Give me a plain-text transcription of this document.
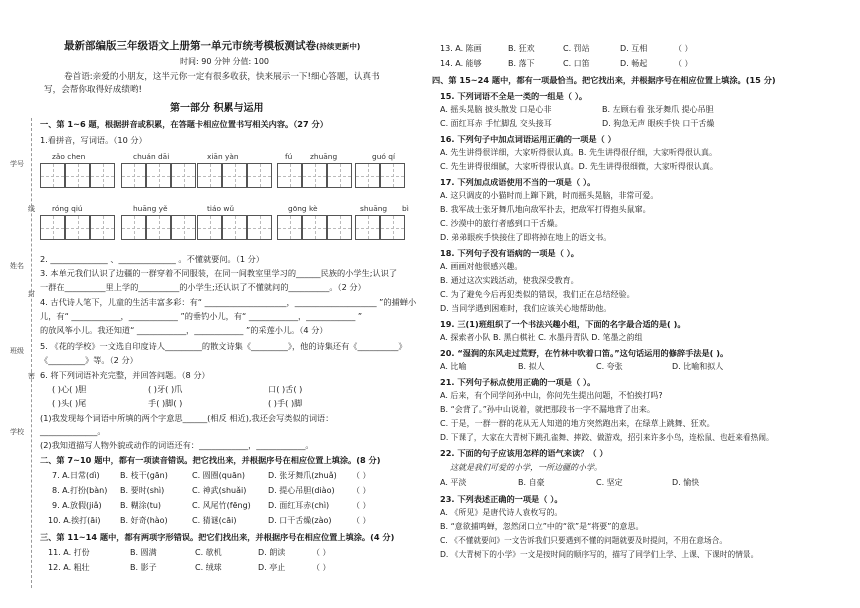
学号
姓名
班级
学校
线
封
密
最新部编版三年级语文上册第一单元市统考模板测试卷(持续更新中)
时间: 90 分钟 分值: 100
卷首语:亲爱的小朋友，这半元你一定有很多收获，快来展示一下!细心答题，认真书
写，会帮你取得好成绩哟!
第一部分 积累与运用
一、第 1~6 题，根据拼音或积累，在答题卡相应位置书写相关内容。（27 分）
1.看拼音，写词语。（10 分）
zǎo chen	chuán dāi	xiān yàn	fú zhuāng	guó qí
róng qiú	huāng yě	tiáo wǔ	gōng kè	shuāng bì
2. ______________ 、______________ 。不懂就要问。（1 分）
3. 本单元我们认识了边疆的一群穿着不同服装，在同一间教室里学习的______民族的小学生;认识了
一群在__________里上学的__________的小学生;还认识了不懂就问的__________。（2 分）
4. 古代诗人笔下，儿童的生活丰富多彩：有“ ____________________，____________________ ”的捕蝉小
儿，有“ ____________，____________ ”的垂钓小儿，有“ ____________，____________ ”
的放风筝小儿。我还知道“ ____________，____________ ”的采莲小儿。（4 分）
5. 《花的学校》一文选自印度诗人_________的散文诗集《_________》，他的诗集还有《__________》
《_________》等。（2 分）
6. 将下列词语补充完整，并回答问题。（8 分）
( )心( )胆	( )牙( )爪	口( )舌( )
( )头( )尾	手( )脚( )	( )手( )脚
(1)我发现每个词语中所填的两个字意思______(相反 相近),我还会写类似的词语：
______________。
(2)我知道描写人物外貌或动作的词语还有：____________，____________。
二、第 7~10 题中，都有一项读音错误。把它找出来，并根据序号在相应位置上填涂。(8 分)
7. A.日常(dì)	B. 枝干(gān)	C. 圆圈(quān)	D. 张牙舞爪(zhuǎ) （ ）
8. A.打扮(bàn) B. 要时(shì)	C. 神武(shuǎi)	D. 提心吊胆(diào) （ ）
9. A.放假(jiǎ) B. 糊涂(tu)	C. 风尾竹(fēng) D. 面红耳赤(chì)	（ ）
10. A.挨打(āi) B. 好奇(hào)	C. 猜谜(cāi)	D. 口干舌燥(zào)	（ ）
三、第 11~14 题中，都有两项字形错误。把它们找出来，并根据序号在相应位置上填涂。(4 分)
11. A. 打份	B. 圆满	C. 欹机	D. 朗读	（ ）
12. A. 粗壮	B. 影子	C. 绒球	D. 亭止	（ ）
13. A. 陈画	B. 狂欢	C. 罚站	D. 互相	（ ）
14. A. 能够	B. 落下	C. 口笛	D. 畅起	（ ）
四、第 15~24 题中，都有一项最恰当。把它找出来，并根据序号在相应位置上填涂。(15 分)
15. 下列词语不全是一类的一组是（ ）。
A. 摇头晃脑 披头散发 口是心非	B. 左顾右看 张牙舞爪 提心吊胆
C. 面红耳赤 手忙脚乱 交头接耳	D. 狗急无声 眼疾手快 口干舌燥
16. 下列句子中加点词语运用正确的一项是（ ）
A. 先生讲得很详细，大家听得很认真。B. 先生讲得很仔细，大家听得很认真。
C. 先生讲得很细腻，大家听得很认真。D. 先生讲得很细微，大家听得很认真。
17. 下列加点成语使用不当的一项是（ ）。
A. 这只调皮的小猫时而上蹿下跳，时而摇头晃脑，非常可爱。
B. 我军战士张牙舞爪地向敌军扑去，把敌军打得抱头鼠窜。
C. 沙漠中的旅行者感到口干舌燥。
D. 弟弟眼疾手快接住了即将掉在地上的语文书。
18. 下列句子没有语病的一项是（ ）。
A. 画画对他很感兴趣。
B. 通过这次实践活动，使我深受教育。
C. 为了避免今后再犯类似的错误，我们正在总结经验。
D. 当同学遇到困难时，我们应该关心地帮助他。
19. 三(1)班组织了一个书法兴趣小组，下面的名字最合适的是( )。
A. 探索者小队 B. 黑白棋社 C. 水墨丹青队 D. 笔墨之韵组
20. “湿润的东风走过荒野，在竹林中吹着口笛。”这句话运用的修辞手法是( )。
A. 比喻	B. 拟人	C. 夸张	D. 比喻和拟人
21. 下列句子标点使用正确的一项是（ ）。
A. 后来，有个同学问孙中山，你问先生提出问题，不怕挨打吗?
B. “会背了。”孙中山说着，就把那段书一字不漏地背了出来。
C. 于是，一群一群的花从无人知道的地方突然跑出来，在绿草上跳舞、狂欢。
D. 下课了，大家在大青树下跳孔雀舞、摔跤、做游戏，招引来许多小鸟，连松鼠、也赶来看热闹。
22. 下面的句子应该用怎样的语气来读？（ ）
这就是我们可爱的小学，一所边疆的小学。
A. 平淡	B. 自豪	C. 坚定	D. 愉快
23. 下列表述正确的一项是（ ）。
A. 《所见》是唐代诗人袁枚写的。
B. “意欲捕鸣蝉，忽然闭口立”中的“欲”是“将要”的意思。
C. 《不懂就要问》一文告诉我们只要遇到不懂的问题就要及时提问，不用在意场合。
D. 《大青树下的小学》一文是按时间的顺序写的，描写了同学们上学、上课、下课时的情景。
